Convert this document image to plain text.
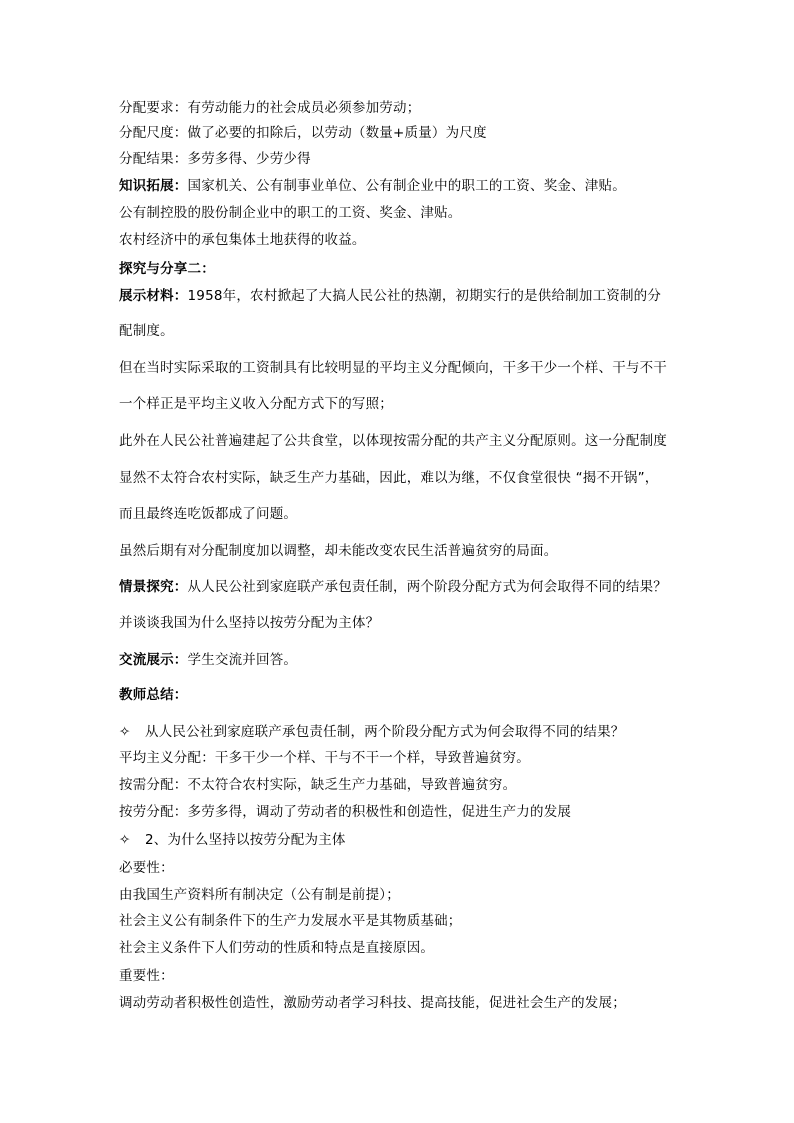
分配要求：有劳动能力的社会成员必须参加劳动；
分配尺度：做了必要的扣除后，以劳动（数量+质量）为尺度
分配结果：多劳多得、少劳少得
知识拓展：国家机关、公有制事业单位、公有制企业中的职工的工资、奖金、津贴。
公有制控股的股份制企业中的职工的工资、奖金、津贴。
农村经济中的承包集体土地获得的收益。
探究与分享二：
展示材料：1958年，农村掀起了大搞人民公社的热潮，初期实行的是供给制加工资制的分
配制度。
但在当时实际采取的工资制具有比较明显的平均主义分配倾向，干多干少一个样、干与不干
一个样正是平均主义收入分配方式下的写照；
此外在人民公社普遍建起了公共食堂，以体现按需分配的共产主义分配原则。这一分配制度
显然不太符合农村实际，缺乏生产力基础，因此，难以为继，不仅食堂很快 “揭不开锅”，
而且最终连吃饭都成了问题。
虽然后期有对分配制度加以调整，却未能改变农民生活普遍贫穷的局面。
情景探究：从人民公社到家庭联产承包责任制，两个阶段分配方式为何会取得不同的结果？
并谈谈我国为什么坚持以按劳分配为主体？
交流展示：学生交流并回答。
教师总结：
✧ 从人民公社到家庭联产承包责任制，两个阶段分配方式为何会取得不同的结果？
平均主义分配：干多干少一个样、干与不干一个样，导致普遍贫穷。
按需分配：不太符合农村实际，缺乏生产力基础，导致普遍贫穷。
按劳分配：多劳多得，调动了劳动者的积极性和创造性，促进生产力的发展
✧ 2、为什么坚持以按劳分配为主体
必要性：
由我国生产资料所有制决定（公有制是前提）；
社会主义公有制条件下的生产力发展水平是其物质基础；
社会主义条件下人们劳动的性质和特点是直接原因。
重要性：
调动劳动者积极性创造性，激励劳动者学习科技、提高技能，促进社会生产的发展；
